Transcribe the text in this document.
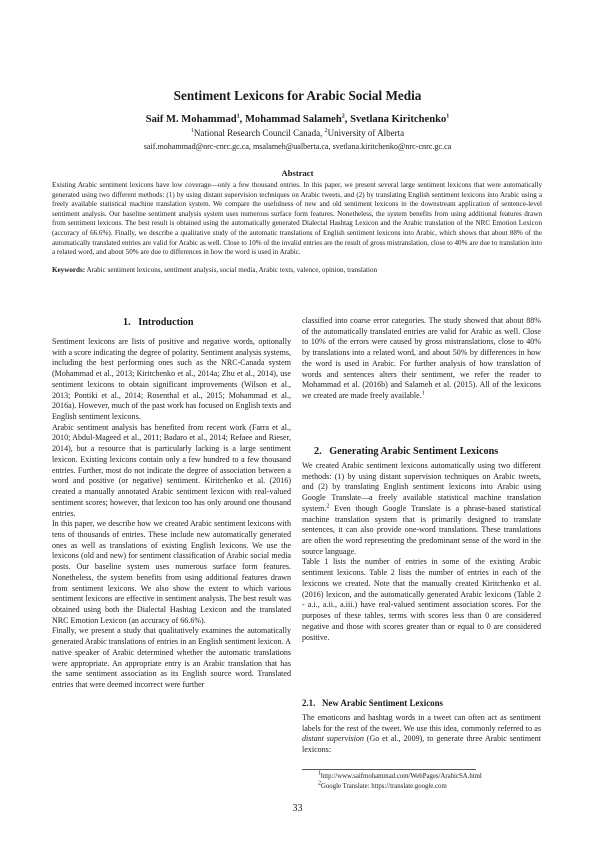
Sentiment Lexicons for Arabic Social Media
Saif M. Mohammad$^1$, Mohammad Salameh$^2$, Svetlana Kiritchenko$^1$
$^1$National Research Council Canada, $^2$University of Alberta
saif.mohammad@nrc-cnrc.gc.ca, msalameh@ualberta.ca, svetlana.kiritchenko@nrc-cnrc.gc.ca
Abstract
Existing Arabic sentiment lexicons have low coverage—only a few thousand entries. In this paper, we present several large sentiment lexicons that were automatically generated using two different methods: (1) by using distant supervision techniques on Arabic tweets, and (2) by translating English sentiment lexicons into Arabic using a freely available statistical machine translation system. We compare the usefulness of new and old sentiment lexicons in the downstream application of sentence-level sentiment analysis. Our baseline sentiment analysis system uses numerous surface form features. Nonetheless, the system benefits from using additional features drawn from sentiment lexicons. The best result is obtained using the automatically generated Dialectal Hashtag Lexicon and the Arabic translation of the NRC Emotion Lexicon (accuracy of 66.6%). Finally, we describe a qualitative study of the automatic translations of English sentiment lexicons into Arabic, which shows that about 88% of the automatically translated entries are valid for Arabic as well. Close to 10% of the invalid entries are the result of gross mistranslation, close to 40% are due to translation into a related word, and about 50% are due to differences in how the word is used in Arabic.
Keywords: Arabic sentiment lexicons, sentiment analysis, social media, Arabic texts, valence, opinion, translation
1. Introduction

Sentiment lexicons are lists of positive and negative words, optionally with a score indicating the degree of polarity. Sentiment analysis systems, including the best performing ones such as the NRC-Canada system (Mohammad et al., 2013; Kiritchenko et al., 2014a; Zhu et al., 2014), use sentiment lexicons to obtain significant improvements (Wilson et al., 2013; Pontiki et al., 2014; Rosenthal et al., 2015; Mohammad et al., 2016a). However, much of the past work has focused on English texts and English sentiment lexicons.

Arabic sentiment analysis has benefited from recent work (Farra et al., 2010; Abdul-Mageed et al., 2011; Badaro et al., 2014; Refaee and Rieser, 2014), but a resource that is particularly lacking is a large sentiment lexicon. Existing lexicons contain only a few hundred to a few thousand entries. Further, most do not indicate the degree of association between a word and positive (or negative) sentiment. Kiritchenko et al. (2016) created a manually annotated Arabic sentiment lexicon with real-valued sentiment scores; however, that lexicon too has only around one thousand entries.

In this paper, we describe how we created Arabic sentiment lexicons with tens of thousands of entries. These include new automatically generated ones as well as translations of existing English lexicons. We use the lexicons (old and new) for sentiment classification of Arabic social media posts. Our baseline system uses numerous surface form features. Nonetheless, the system benefits from using additional features drawn from sentiment lexicons. We also show the extent to which various sentiment lexicons are effective in sentiment analysis. The best result was obtained using both the Dialectal Hashtag Lexicon and the translated NRC Emotion Lexicon (an accuracy of 66.6%).

Finally, we present a study that qualitatively examines the automatically generated Arabic translations of entries in an English sentiment lexicon. A native speaker of Arabic determined whether the automatic translations were appropriate. An appropriate entry is an Arabic translation that has the same sentiment association as its English source word. Translated entries that were deemed incorrect were further

classified into coarse error categories. The study showed that about 88% of the automatically translated entries are valid for Arabic as well. Close to 10% of the errors were caused by gross mistranslations, close to 40% by translations into a related word, and about 50% by differences in how the word is used in Arabic. For further analysis of how translation of words and sentences alters their sentiment, we refer the reader to Mohammad et al. (2016b) and Salameh et al. (2015). All of the lexicons we created are made freely available.$^1$

2. Generating Arabic Sentiment Lexicons

We created Arabic sentiment lexicons automatically using two different methods: (1) by using distant supervision techniques on Arabic tweets, and (2) by translating English sentiment lexicons into Arabic using Google Translate—a freely available statistical machine translation system.$^2$ Even though Google Translate is a phrase-based statistical machine translation system that is primarily designed to translate sentences, it can also provide one-word translations. These translations are often the word representing the predominant sense of the word in the source language.

Table 1 lists the number of entries in some of the existing Arabic sentiment lexicons. Table 2 lists the number of entries in each of the lexicons we created. Note that the manually created Kiritchenko et al. (2016) lexicon, and the automatically generated Arabic lexicons (Table 2 - a.i., a.ii., a.iii.) have real-valued sentiment association scores. For the purposes of these tables, terms with scores less than 0 are considered negative and those with scores greater than or equal to 0 are considered positive.

2.1. New Arabic Sentiment Lexicons

The emoticons and hashtag words in a tweet can often act as sentiment labels for the rest of the tweet. We use this idea, commonly referred to as distant supervision (Go et al., 2009), to generate three Arabic sentiment lexicons:

$^1$http://www.saifmohammad.com/WebPages/ArabicSA.html
$^2$Google Translate: https://translate.google.com
33
